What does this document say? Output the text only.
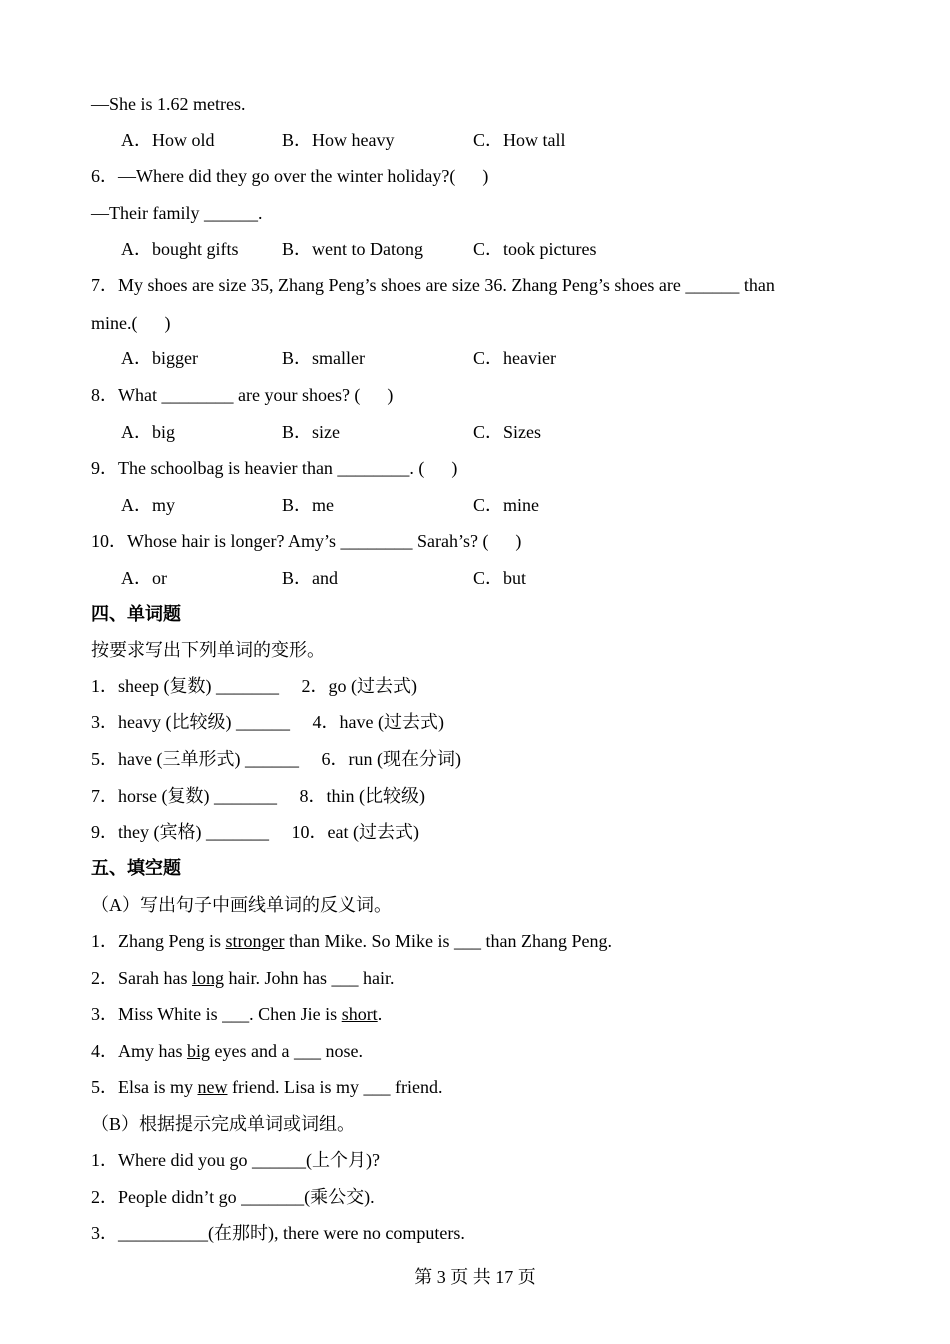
—She is 1.62 metres.
A．How old	B．How heavy	C．How tall
6．—Where did they go over the winter holiday?(      )
—Their family ______.
A．bought gifts B．went to Datong	C．took pictures
7．My shoes are size 35, Zhang Peng’s shoes are size 36. Zhang Peng’s shoes are ______ than
mine.(      )
A．bigger	B．smaller	C．heavier
8．What ________ are your shoes? (      )
A．big	B．size	C．Sizes
9．The schoolbag is heavier than ________. (      )
A．my	B．me	C．mine
10．Whose hair is longer? Amy’s ________ Sarah’s? (      )
A．or	B．and	C．but
四、单词题
按要求写出下列单词的变形。
1．sheep (复数) _______     2．go (过去式)
3．heavy (比较级) ______     4．have (过去式)
5．have (三单形式) ______     6．run (现在分词)
7．horse (复数) _______     8．thin (比较级)
9．they (宾格) _______     10．eat (过去式)
五、填空题
（A）写出句子中画线单词的反义词。
1．Zhang Peng is stronger than Mike. So Mike is ___ than Zhang Peng.
2．Sarah has long hair. John has ___ hair.
3．Miss White is ___. Chen Jie is short.
4．Amy has big eyes and a ___ nose.
5．Elsa is my new friend. Lisa is my ___ friend.
（B）根据提示完成单词或词组。
1．Where did you go ______(上个月)?
2．People didn’t go _______(乘公交).
3．__________(在那时), there were no computers.
第 3 页 共 17 页
